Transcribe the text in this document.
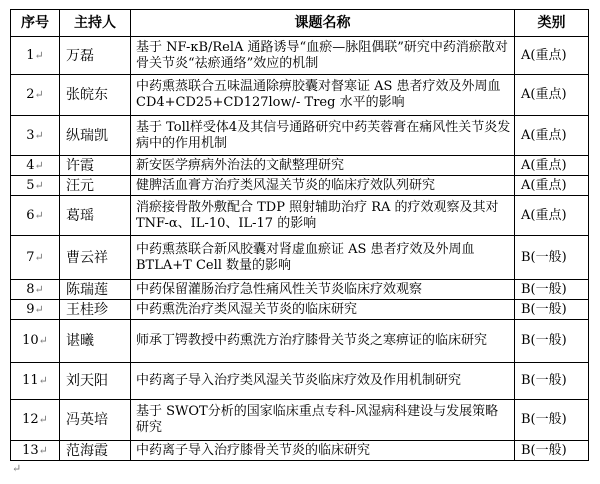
序号	主持人	课题名称	类别
1↵	万磊	基于 NF-κB/RelA 通路诱导“血瘀—脉阻偶联”研究中药消瘀散对骨关节炎“祛瘀通络”效应的机制	A(重点)
2↵	张皖东	中药熏蒸联合五味温通除痹胶囊对督寒证 AS 患者疗效及外周血 CD4+CD25+CD127low/- Treg 水平的影响	A(重点)
3↵	纵瑞凯	基于 Toll样受体4及其信号通路研究中药芙蓉膏在痛风性关节炎发病中的作用机制	A(重点)
4↵	许霞	新安医学痹病外治法的文献整理研究	A(重点)
5↵	汪元	健脾活血膏方治疗类风湿关节炎的临床疗效队列研究	A(重点)
6↵	葛瑶	消瘀接骨散外敷配合 TDP 照射辅助治疗 RA 的疗效观察及其对 TNF-α、IL-10、IL-17 的影响	A(重点)
7↵	曹云祥	中药熏蒸联合新风胶囊对肾虚血瘀证 AS 患者疗效及外周血 BTLA+T Cell 数量的影响	B(一般)
8↵	陈瑞莲	中药保留灌肠治疗急性痛风性关节炎临床疗效观察	B(一般)
9↵	王桂珍	中药熏洗治疗类风湿关节炎的临床研究	B(一般)
10↵	谌曦	师承丁锷教授中药熏洗方治疗膝骨关节炎之寒痹证的临床研究	B(一般)
11↵	刘天阳	中药离子导入治疗类风湿关节炎临床疗效及作用机制研究	B(一般)
12↵	冯英培	基于 SWOT分析的国家临床重点专科-风湿病科建设与发展策略研究	B(一般)
13↵	范海霞	中药离子导入治疗膝骨关节炎的临床研究	B(一般)
↵
